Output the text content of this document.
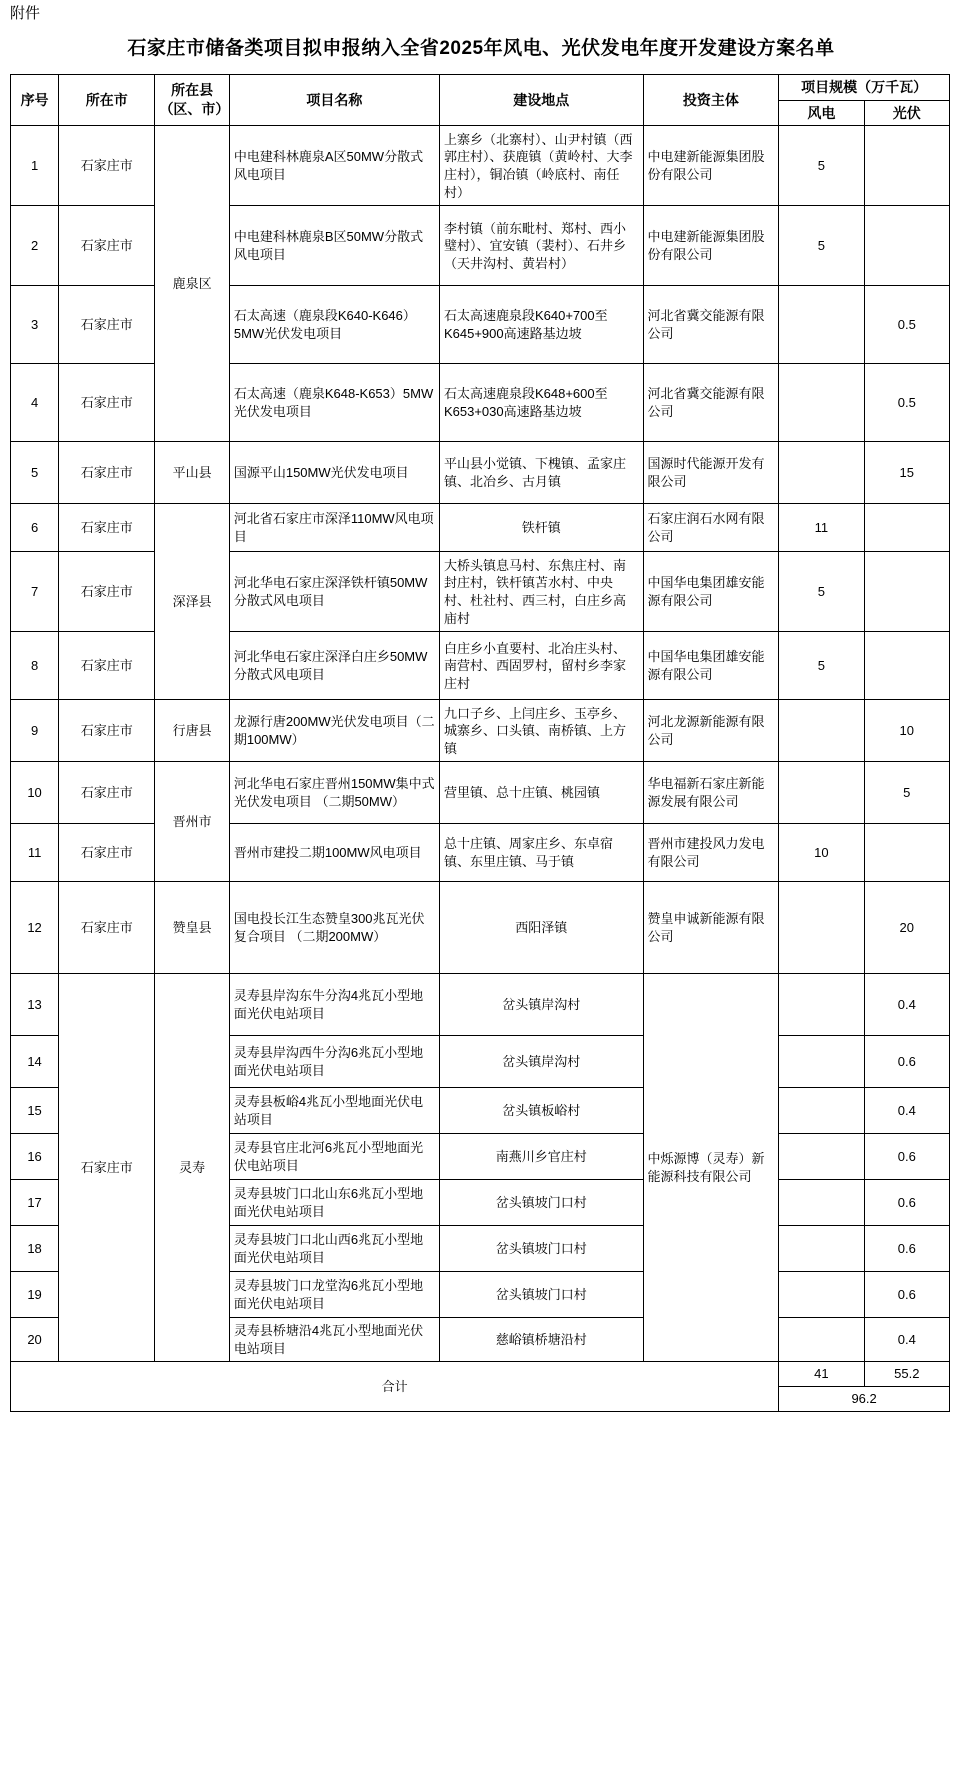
附件
石家庄市储备类项目拟申报纳入全省2025年风电、光伏发电年度开发建设方案名单
序号	所在市	所在县（区、市）	项目名称	建设地点	投资主体	项目规模（万千瓦）	
						风电	光伏
1	石家庄市	鹿泉区	中电建科林鹿泉A区50MW分散式风电项目	上寨乡（北寨村）、山尹村镇（西郭庄村）、获鹿镇（黄岭村、大李庄村），铜冶镇（岭底村、南任村）	中电建新能源集团股份有限公司	5	
2	石家庄市		中电建科林鹿泉B区50MW分散式风电项目	李村镇（前东毗村、郑村、西小璧村）、宜安镇（裴村）、石井乡（天井沟村、黄岩村）	中电建新能源集团股份有限公司	5	
3	石家庄市		石太高速（鹿泉段K640-K646）5MW光伏发电项目	石太高速鹿泉段K640+700至K645+900高速路基边坡	河北省冀交能源有限公司		0.5
4	石家庄市		石太高速（鹿泉K648-K653）5MW光伏发电项目	石太高速鹿泉段K648+600至K653+030高速路基边坡	河北省冀交能源有限公司		0.5
5	石家庄市	平山县	国源平山150MW光伏发电项目	平山县小觉镇、下槐镇、孟家庄镇、北冶乡、古月镇	国源时代能源开发有限公司		15
6	石家庄市	深泽县	河北省石家庄市深泽110MW风电项目	铁杆镇	石家庄润石水网有限公司	11	
7	石家庄市		河北华电石家庄深泽铁杆镇50MW分散式风电项目	大桥头镇息马村、东焦庄村、南封庄村，铁杆镇苫水村、中央村、杜社村、西三村，白庄乡高庙村	中国华电集团雄安能源有限公司	5	
8	石家庄市		河北华电石家庄深泽白庄乡50MW分散式风电项目	白庄乡小直要村、北冶庄头村、南营村、西固罗村，留村乡李家庄村	中国华电集团雄安能源有限公司	5	
9	石家庄市	行唐县	龙源行唐200MW光伏发电项目（二期100MW）	九口子乡、上闫庄乡、玉亭乡、城寨乡、口头镇、南桥镇、上方镇	河北龙源新能源有限公司		10
10	石家庄市	晋州市	河北华电石家庄晋州150MW集中式光伏发电项目 （二期50MW）	营里镇、总十庄镇、桃园镇	华电福新石家庄新能源发展有限公司		5
11	石家庄市		晋州市建投二期100MW风电项目	总十庄镇、周家庄乡、东卓宿镇、东里庄镇、马于镇	晋州市建投风力发电有限公司	10	
12	石家庄市	赞皇县	国电投长江生态赞皇300兆瓦光伏复合项目 （二期200MW）	西阳泽镇	赞皇申诚新能源有限公司		20
13	石家庄市	灵寿	灵寿县岸沟东牛分沟4兆瓦小型地面光伏电站项目	岔头镇岸沟村	中烁源博（灵寿）新能源科技有限公司		0.4
14			灵寿县岸沟西牛分沟6兆瓦小型地面光伏电站项目	岔头镇岸沟村			0.6
15			灵寿县板峪4兆瓦小型地面光伏电站项目	岔头镇板峪村			0.4
16			灵寿县官庄北河6兆瓦小型地面光伏电站项目	南燕川乡官庄村			0.6
17			灵寿县坡门口北山东6兆瓦小型地面光伏电站项目	岔头镇坡门口村			0.6
18			灵寿县坡门口北山西6兆瓦小型地面光伏电站项目	岔头镇坡门口村			0.6
19			灵寿县坡门口龙堂沟6兆瓦小型地面光伏电站项目	岔头镇坡门口村			0.6
20			灵寿县桥塘沿4兆瓦小型地面光伏电站项目	慈峪镇桥塘沿村			0.4
合计						41	55.2
						96.2	
